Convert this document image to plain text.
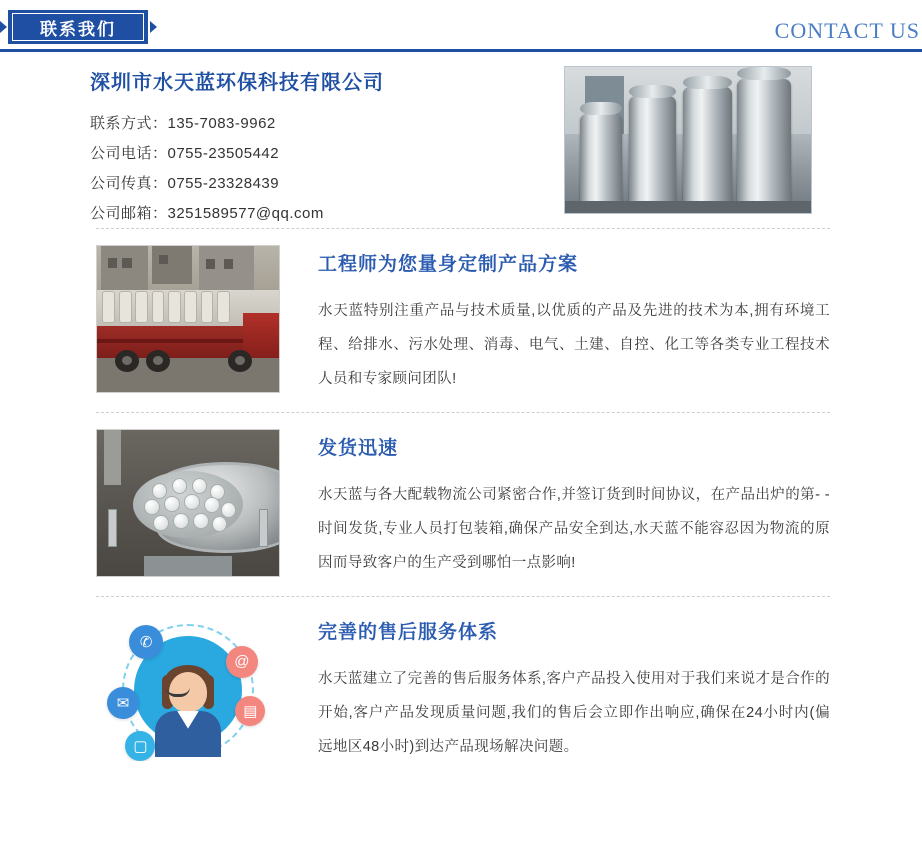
联系我们	CONTACT US
深圳市水天蓝环保科技有限公司
联系方式：135-7083-9962
公司电话：0755-23505442
公司传真：0755-23328439
公司邮箱：3251589577@qq.com
工程师为您量身定制产品方案

水天蓝特别注重产品与技术质量,以优质的产品及先进的技术为本,拥有环境工程、给排水、污水处理、消毒、电气、土建、自控、化工等各类专业工程技术人员和专家顾问团队!

发货迅速

水天蓝与各大配载物流公司紧密合作,并签订货到时间协议，在产品出炉的第- -时间发货,专业人员打包装箱,确保产品安全到达,水天蓝不能容忍因为物流的原因而导致客户的生产受到哪怕一点影响!

✆
@
✉	▤
▢
完善的售后服务体系

水天蓝建立了完善的售后服务体系,客户产品投入使用对于我们来说才是合作的开始,客户产品发现质量问题,我们的售后会立即作出响应,确保在24小时内(偏远地区48小时)到达产品现场解决问题。
